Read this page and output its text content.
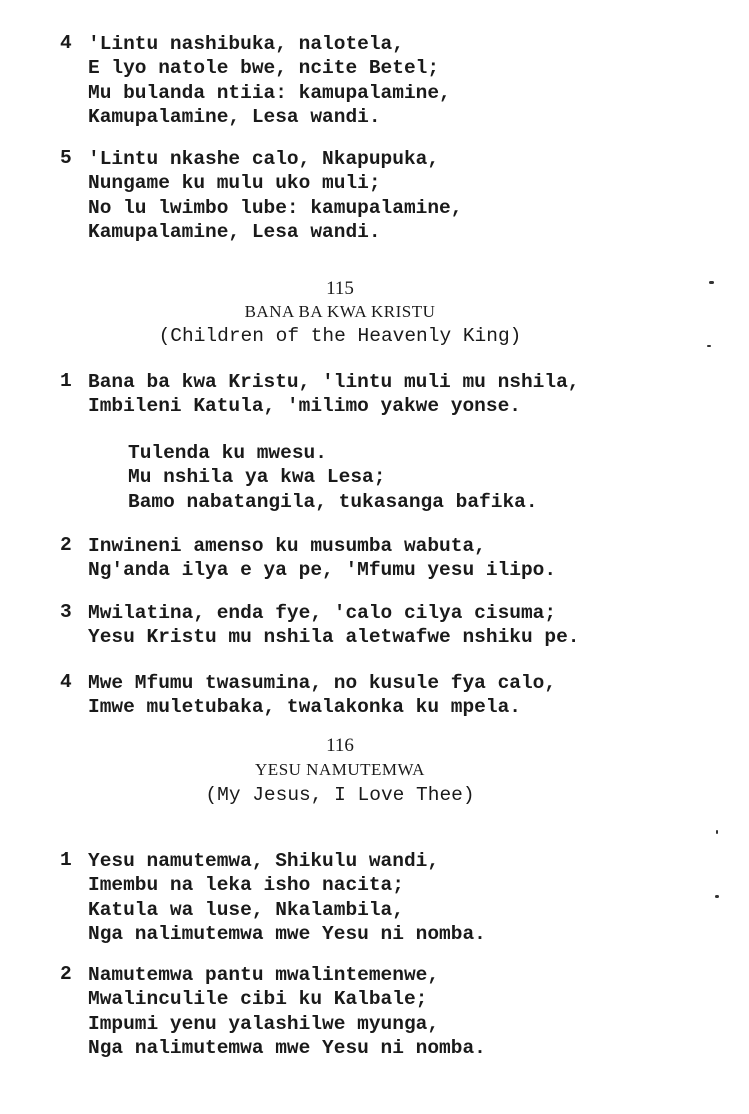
4 'Lintu nashibuka, nalotela,
E lyo natole bwe, ncite Betel;
Mu bulanda ntiia: kamupalamine,
Kamupalamine, Lesa wandi.
5 'Lintu nkashe calo, Nkapupuka,
Nungame ku mulu uko muli;
No lu lwimbo lube: kamupalamine,
Kamupalamine, Lesa wandi.
115
BANA BA KWA KRISTU
(Children of the Heavenly King)
1 Bana ba kwa Kristu, 'lintu muli mu nshila,
Imbileni Katula, 'milimo yakwe yonse.
Tulenda ku mwesu.
Mu nshila ya kwa Lesa;
Bamo nabatangila, tukasanga bafika.
2 Inwineni amenso ku musumba wabuta,
Ng'anda ilya e ya pe, 'Mfumu yesu ilipo.
3 Mwilatina, enda fye, 'calo cilya cisuma;
Yesu Kristu mu nshila aletwafwe nshiku pe.
4 Mwe Mfumu twasumina, no kusule fya calo,
Imwe muletubaka, twalakonka ku mpela.
116
YESU NAMUTEMWA
(My Jesus, I Love Thee)
1 Yesu namutemwa, Shikulu wandi,
Imembu na leka isho nacita;
Katula wa luse, Nkalambila,
Nga nalimutemwa mwe Yesu ni nomba.
2 Namutemwa pantu mwalintemenwe,
Mwalinculile cibi ku Kalbale;
Impumi yenu yalashilwe myunga,
Nga nalimutemwa mwe Yesu ni nomba.
